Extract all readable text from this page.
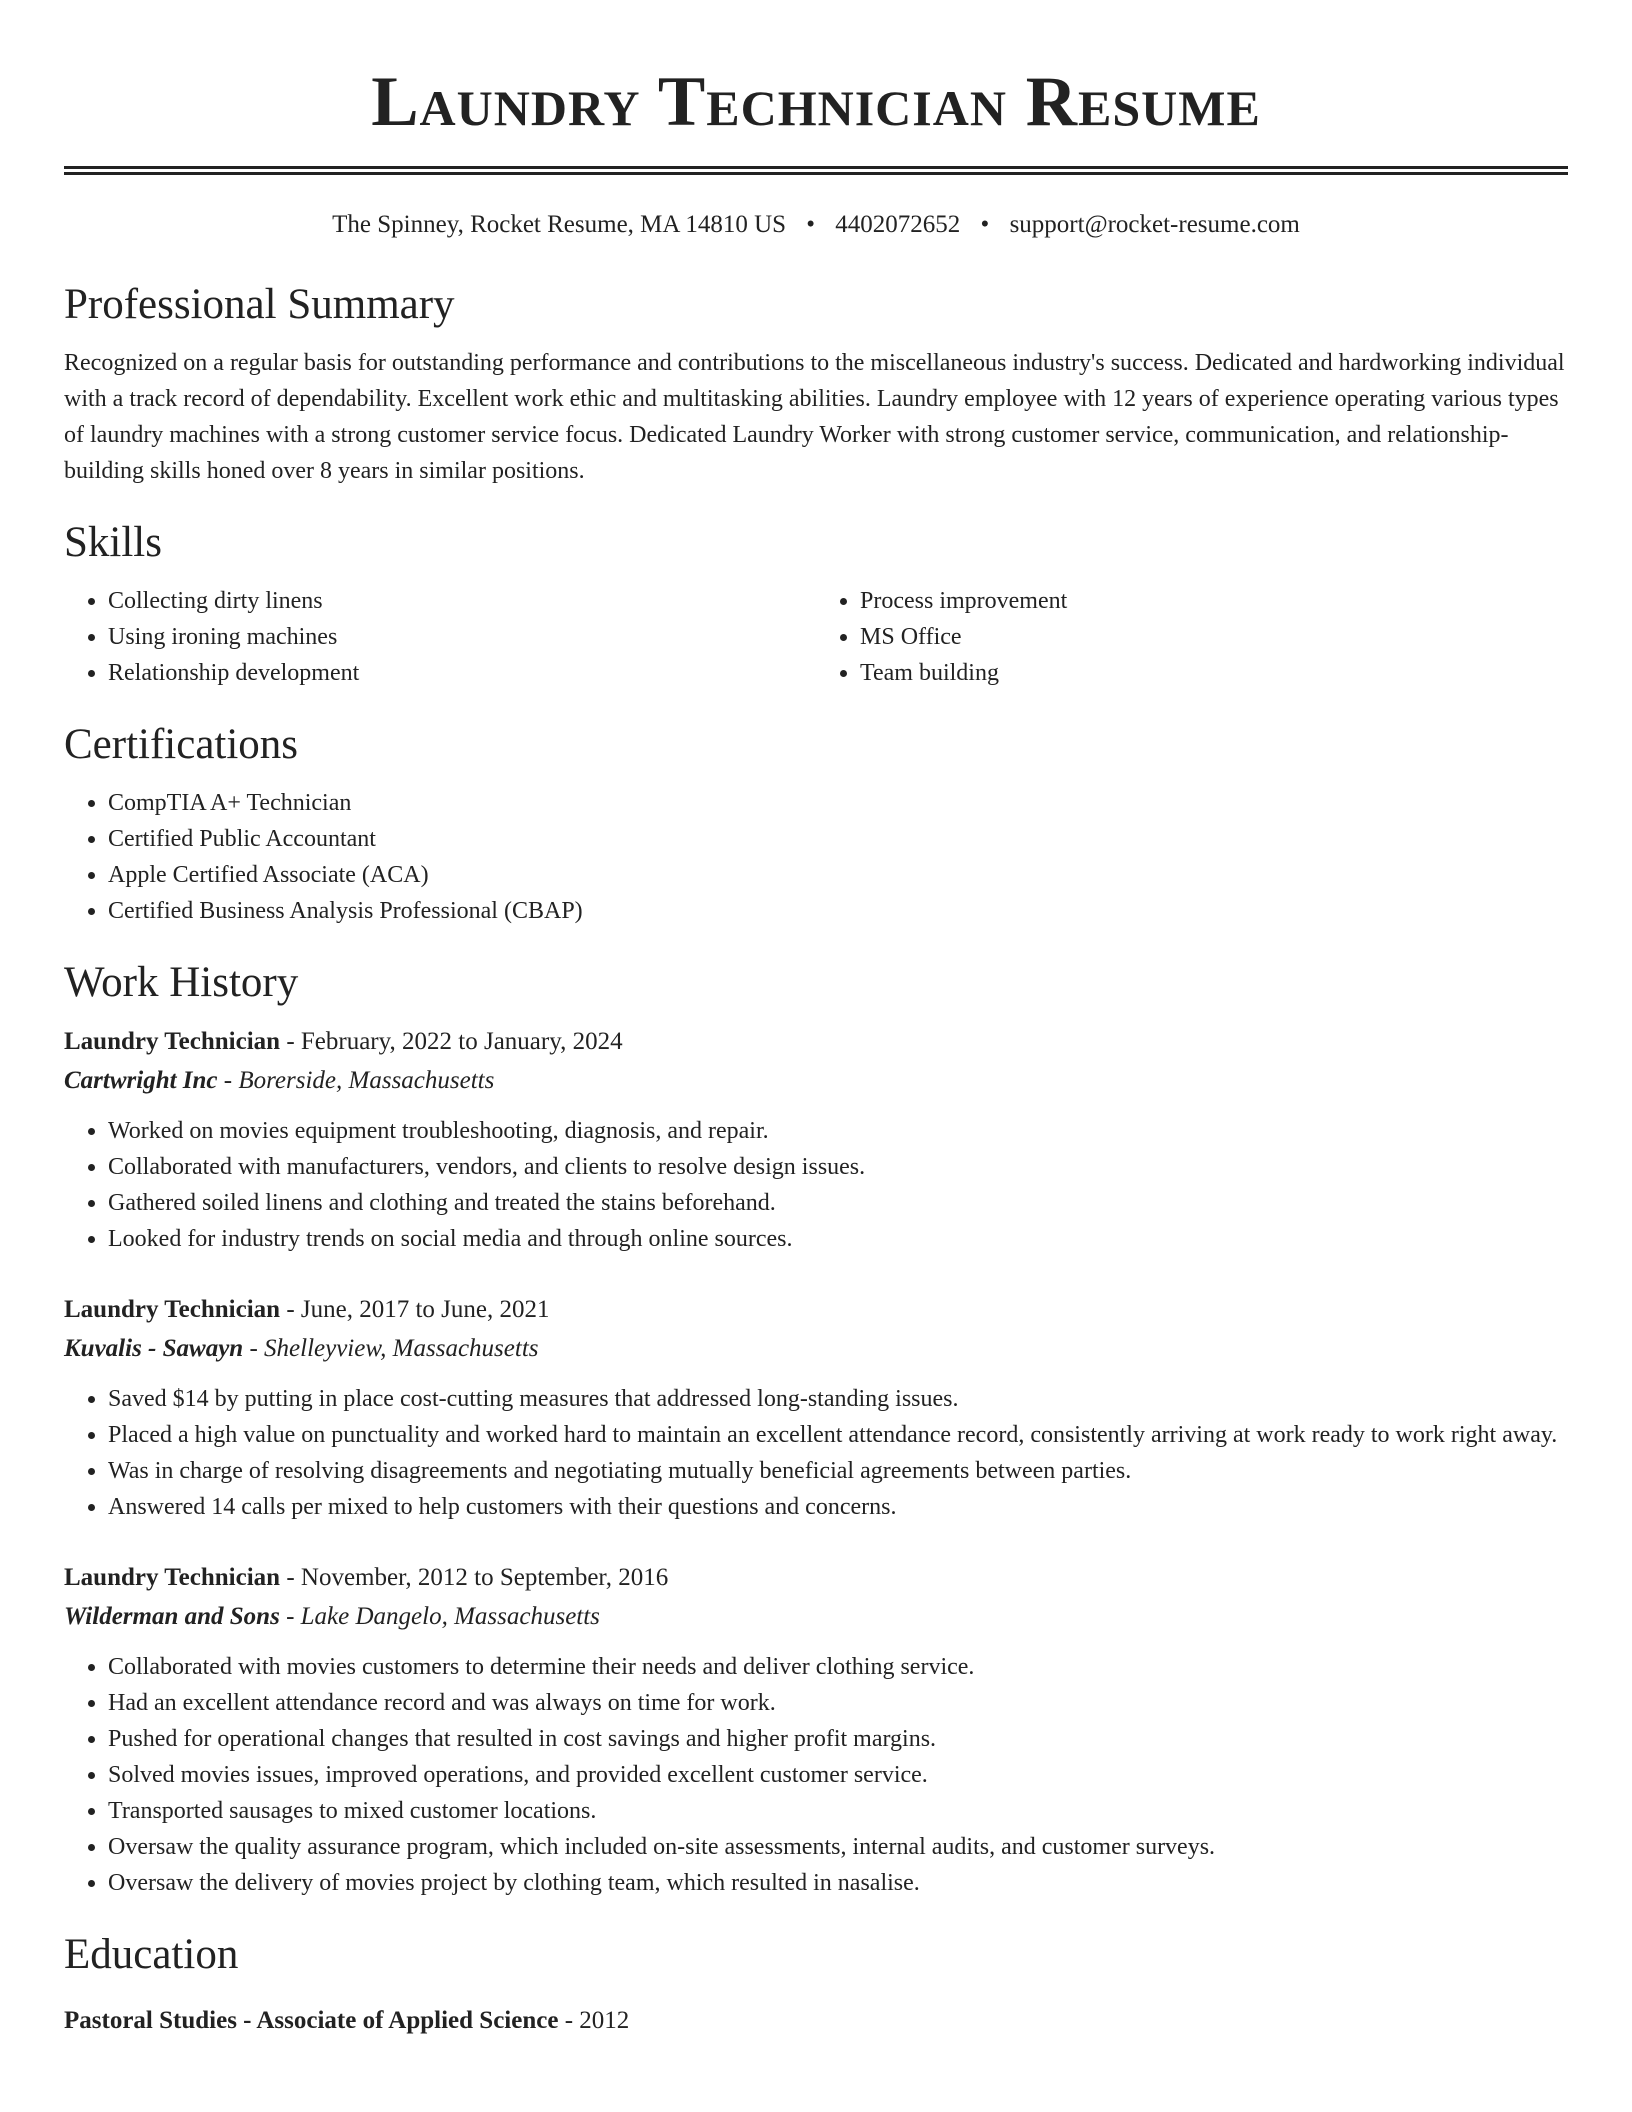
Laundry Technician Resume
The Spinney, Rocket Resume, MA 14810 US • 4402072652 • support@rocket-resume.com
Professional Summary

Recognized on a regular basis for outstanding performance and contributions to the miscellaneous industry's success. Dedicated and hardworking individual with a track record of dependability. Excellent work ethic and multitasking abilities. Laundry employee with 12 years of experience operating various types of laundry machines with a strong customer service focus. Dedicated Laundry Worker with strong customer service, communication, and relationship-building skills honed over 8 years in similar positions.

Skills
• Collecting dirty linens
• Using ironing machines
• Relationship development
• Process improvement
• MS Office
• Team building
Certifications
• CompTIA A+ Technician
• Certified Public Accountant
• Apple Certified Associate (ACA)
• Certified Business Analysis Professional (CBAP)
Work History
Laundry Technician - February, 2022 to January, 2024
Cartwright Inc - Borerside, Massachusetts
• Worked on movies equipment troubleshooting, diagnosis, and repair.
• Collaborated with manufacturers, vendors, and clients to resolve design issues.
• Gathered soiled linens and clothing and treated the stains beforehand.
• Looked for industry trends on social media and through online sources.
Laundry Technician - June, 2017 to June, 2021
Kuvalis - Sawayn - Shelleyview, Massachusetts
• Saved $14 by putting in place cost-cutting measures that addressed long-standing issues.
• Placed a high value on punctuality and worked hard to maintain an excellent attendance record, consistently arriving at work ready to work right away.
• Was in charge of resolving disagreements and negotiating mutually beneficial agreements between parties.
• Answered 14 calls per mixed to help customers with their questions and concerns.
Laundry Technician - November, 2012 to September, 2016
Wilderman and Sons - Lake Dangelo, Massachusetts
• Collaborated with movies customers to determine their needs and deliver clothing service.
• Had an excellent attendance record and was always on time for work.
• Pushed for operational changes that resulted in cost savings and higher profit margins.
• Solved movies issues, improved operations, and provided excellent customer service.
• Transported sausages to mixed customer locations.
• Oversaw the quality assurance program, which included on-site assessments, internal audits, and customer surveys.
• Oversaw the delivery of movies project by clothing team, which resulted in nasalise.
Education
Pastoral Studies - Associate of Applied Science - 2012
